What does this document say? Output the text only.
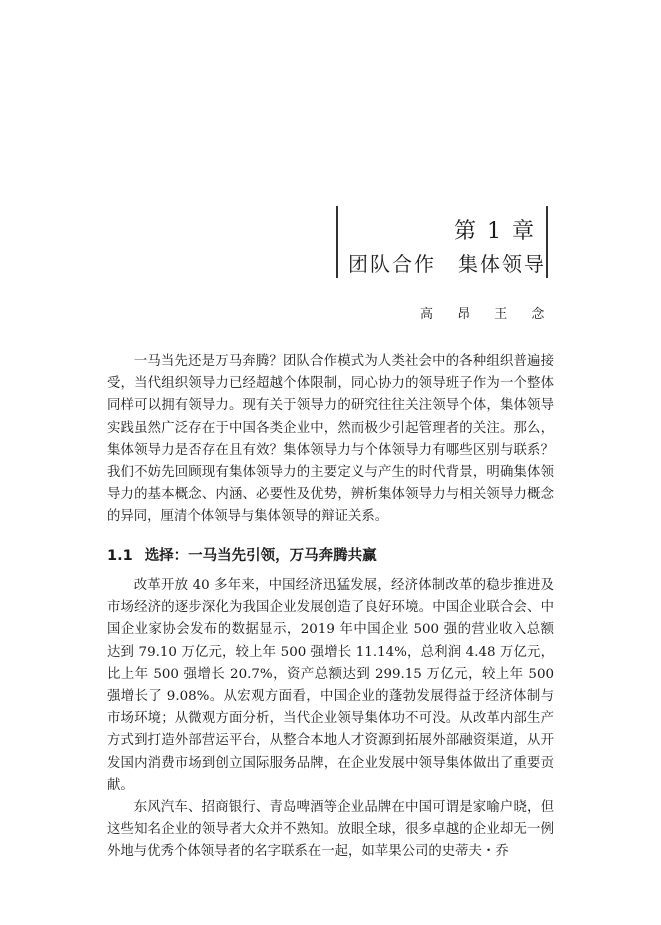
第 1 章
团队合作 集体领导
高 昂 王 念

一马当先还是万马奔腾？团队合作模式为人类社会中的各种组织普遍接受，当代组织领导力已经超越个体限制，同心协力的领导班子作为一个整体同样可以拥有领导力。现有关于领导力的研究往往关注领导个体，集体领导实践虽然广泛存在于中国各类企业中，然而极少引起管理者的关注。那么，集体领导力是否存在且有效？集体领导力与个体领导力有哪些区别与联系？我们不妨先回顾现有集体领导力的主要定义与产生的时代背景，明确集体领导力的基本概念、内涵、必要性及优势，辨析集体领导力与相关领导力概念的异同，厘清个体领导与集体领导的辩证关系。

1.1 选择：一马当先引领，万马奔腾共赢

改革开放 40 多年来，中国经济迅猛发展，经济体制改革的稳步推进及市场经济的逐步深化为我国企业发展创造了良好环境。中国企业联合会、中国企业家协会发布的数据显示，2019 年中国企业 500 强的营业收入总额达到 79.10 万亿元，较上年 500 强增长 11.14%，总利润 4.48 万亿元，比上年 500 强增长 20.7%，资产总额达到 299.15 万亿元，较上年 500 强增长了 9.08%。从宏观方面看，中国企业的蓬勃发展得益于经济体制与市场环境；从微观方面分析，当代企业领导集体功不可没。从改革内部生产方式到打造外部营运平台，从整合本地人才资源到拓展外部融资渠道，从开发国内消费市场到创立国际服务品牌，在企业发展中领导集体做出了重要贡献。

东风汽车、招商银行、青岛啤酒等企业品牌在中国可谓是家喻户晓，但这些知名企业的领导者大众并不熟知。放眼全球，很多卓越的企业却无一例外地与优秀个体领导者的名字联系在一起，如苹果公司的史蒂夫・乔
